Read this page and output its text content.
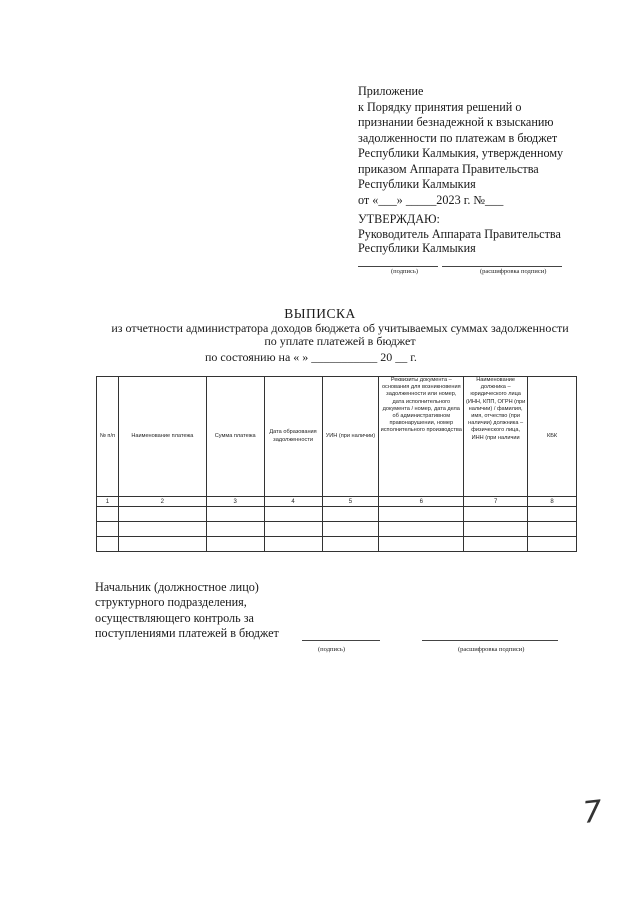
Приложение
к Порядку принятия решений о
признании безнадежной к взысканию
задолженности по платежам в бюджет
Республики Калмыкия, утвержденному
приказом Аппарата Правительства
Республики Калмыкия
от «___» _____2023 г. №___
УТВЕРЖДАЮ:
Руководитель Аппарата Правительства
Республики Калмыкия
(подпись)	(расшифровка подписи)
ВЫПИСКА
из отчетности администратора доходов бюджета об учитываемых суммах задолженности
по уплате платежей в бюджет
по состоянию на « » ___________ 20 __ г.
№ п/п	Наименование платежа	Сумма платежа	Дата образования задолженности	УИН (при наличии)	Реквизиты документа – основания для возникновения задолженности или номер, дата исполнительного документа / номер, дата дела об административном правонарушении, номер исполнительного производства	Наименование должника – юридического лица (ИНН, КПП, ОГРН (при наличии) / фамилия, имя, отчество (при наличии) должника – физического лица, ИНН (при наличии	КБК
1	2	3	4	5	6	7	8

Начальник (должностное лицо)
структурного подразделения,
осуществляющего контроль за
поступлениями платежей в бюджет
(подпись)	(расшифровка подписи)
7
